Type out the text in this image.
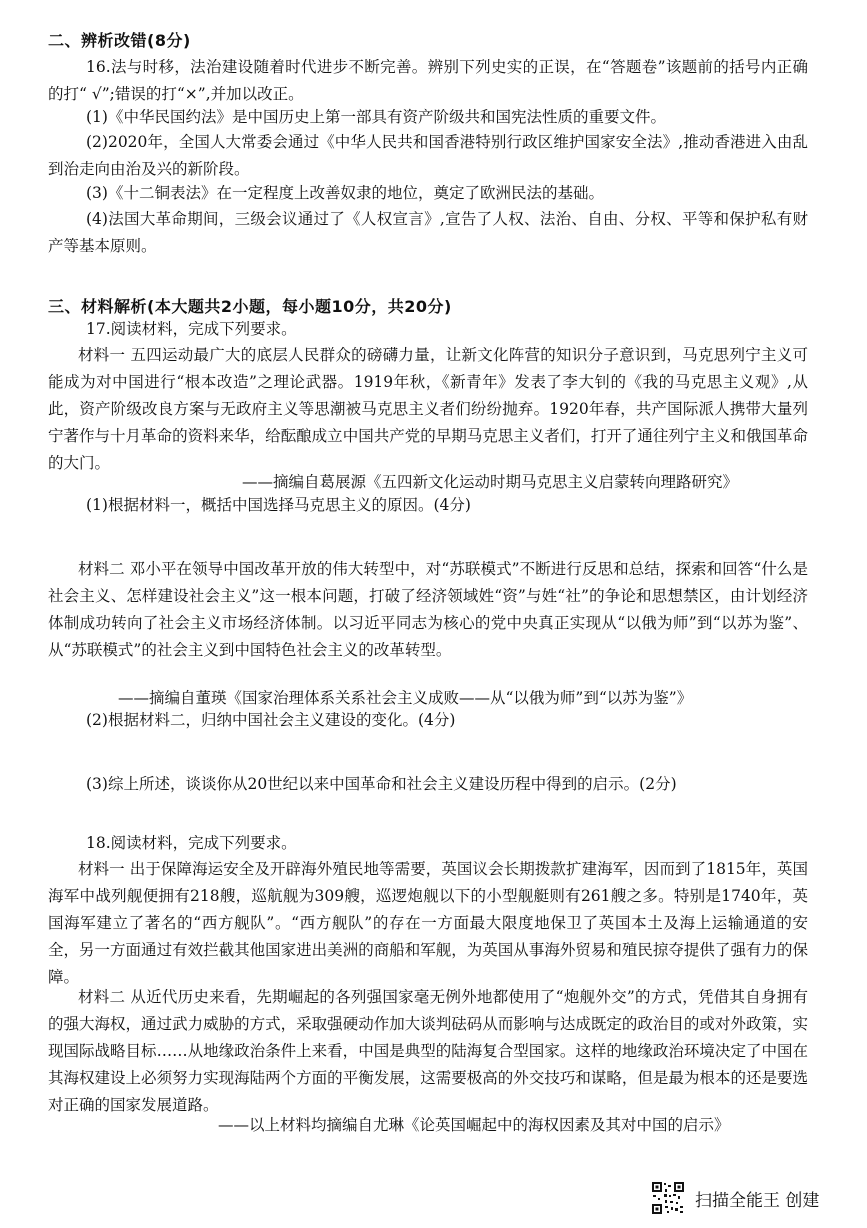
二、辨析改错(8分)
16.法与时移，法治建设随着时代进步不断完善。辨别下列史实的正误，在“答题卷”该题前的括号内正确的打“ √”;错误的打“×”,并加以改正。
(1)《中华民国约法》是中国历史上第一部具有资产阶级共和国宪法性质的重要文件。
(2)2020年，全国人大常委会通过《中华人民共和国香港特别行政区维护国家安全法》,推动香港进入由乱到治走向由治及兴的新阶段。
(3)《十二铜表法》在一定程度上改善奴隶的地位，奠定了欧洲民法的基础。
(4)法国大革命期间，三级会议通过了《人权宣言》,宣告了人权、法治、自由、分权、平等和保护私有财产等基本原则。
三、材料解析(本大题共2小题，每小题10分，共20分)
17.阅读材料，完成下列要求。
材料一 五四运动最广大的底层人民群众的磅礴力量，让新文化阵营的知识分子意识到，马克思列宁主义可能成为对中国进行“根本改造”之理论武器。1919年秋，《新青年》发表了李大钊的《我的马克思主义观》,从此，资产阶级改良方案与无政府主义等思潮被马克思主义者们纷纷抛弃。1920年春，共产国际派人携带大量列宁著作与十月革命的资料来华，给酝酿成立中国共产党的早期马克思主义者们，打开了通往列宁主义和俄国革命的大门。
——摘编自葛展源《五四新文化运动时期马克思主义启蒙转向理路研究》
(1)根据材料一，概括中国选择马克思主义的原因。(4分)
材料二 邓小平在领导中国改革开放的伟大转型中，对“苏联模式”不断进行反思和总结，探索和回答“什么是社会主义、怎样建设社会主义”这一根本问题，打破了经济领域姓“资”与姓“社”的争论和思想禁区，由计划经济体制成功转向了社会主义市场经济体制。以习近平同志为核心的党中央真正实现从“以俄为师”到“以苏为鉴”、从“苏联模式”的社会主义到中国特色社会主义的改革转型。
——摘编自董瑛《国家治理体系关系社会主义成败——从“以俄为师”到“以苏为鉴”》
(2)根据材料二，归纳中国社会主义建设的变化。(4分)
(3)综上所述，谈谈你从20世纪以来中国革命和社会主义建设历程中得到的启示。(2分)
18.阅读材料，完成下列要求。
材料一 出于保障海运安全及开辟海外殖民地等需要，英国议会长期拨款扩建海军，因而到了1815年，英国海军中战列舰便拥有218艘，巡航舰为309艘，巡逻炮舰以下的小型舰艇则有261艘之多。特别是1740年，英国海军建立了著名的“西方舰队”。“西方舰队”的存在一方面最大限度地保卫了英国本土及海上运输通道的安全，另一方面通过有效拦截其他国家进出美洲的商船和军舰，为英国从事海外贸易和殖民掠夺提供了强有力的保障。
材料二 从近代历史来看，先期崛起的各列强国家毫无例外地都使用了“炮舰外交”的方式，凭借其自身拥有的强大海权，通过武力威胁的方式，采取强硬动作加大谈判砝码从而影响与达成既定的政治目的或对外政策，实现国际战略目标……从地缘政治条件上来看，中国是典型的陆海复合型国家。这样的地缘政治环境决定了中国在其海权建设上必须努力实现海陆两个方面的平衡发展，这需要极高的外交技巧和谋略，但是最为根本的还是要选对正确的国家发展道路。
——以上材料均摘编自尤琳《论英国崛起中的海权因素及其对中国的启示》
扫描全能王 创建
